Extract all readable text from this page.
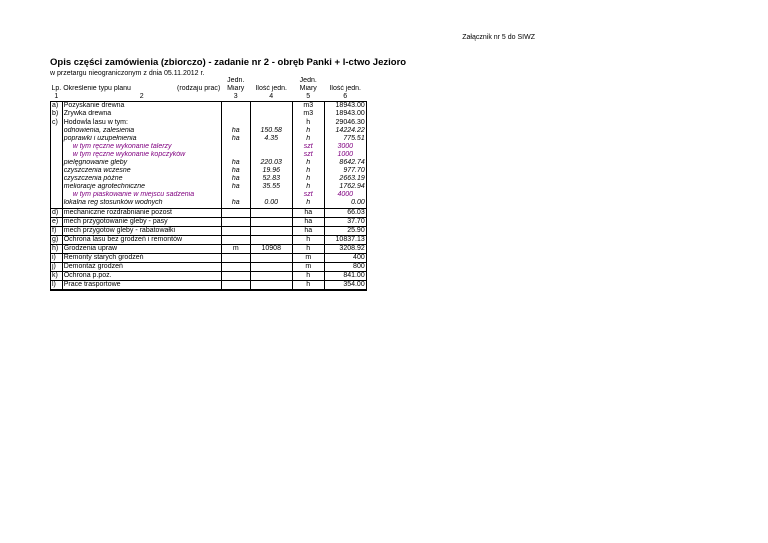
Załącznik nr 5 do SIWZ
Opis części zamówienia (zbiorczo) - zadanie nr 2 - obręb Panki + l-ctwo Jezioro
w przetargu nieograniczonym z dnia 05.11.2012 r.
		Jedn.		Jedn.	
Lp.	Określenie typu planu (rodzaju prac)	Miary	Ilość jedn.	Miary	Ilość jedn.
1	2	3	4	5	6
a)	Pozyskanie drewna			m3	18943.00
b)	Zrywka drewna			m3	18943.00
c)	Hodowla lasu w tym:			h	29046.30
	odnowienia, zalesienia	ha	150.58	h	14224.22
	poprawki i uzupełnienia	ha	4.35	h	775.51
	w tym ręczne wykonanie talerzy			szt	3000
	w tym ręczne wykonanie kopczyków			szt	1000
	pielęgnowanie gleby	ha	220.03	h	8642.74
	czyszczenia wczesne	ha	19.96	h	977.70
	czyszczenia późne	ha	52.83	h	2663.19
	melioracje agrotechniczne	ha	35.55	h	1762.94
	w tym piaskowanie w miejscu sadzenia			szt	4000
	lokalna reg stosunków wodnych	ha	0.00	h	0.00
d)	mechaniczne rozdrabnianie pozost			ha	66.03
e)	mech przygotowanie gleby - pasy			ha	37.70
f)	mech przygotow gleby - rabatowałki			ha	25.90
g)	Ochrona lasu bez grodzeń i remontów			h	10837.13
h)	Grodzenia upraw	m	10908	h	3208.92
i)	Remonty starych grodzeń			m	400
j)	Demontaż grodzeń			m	800
k)	Ochrona p.poż.			h	841.00
l)	Prace trasportowe			h	354.00
